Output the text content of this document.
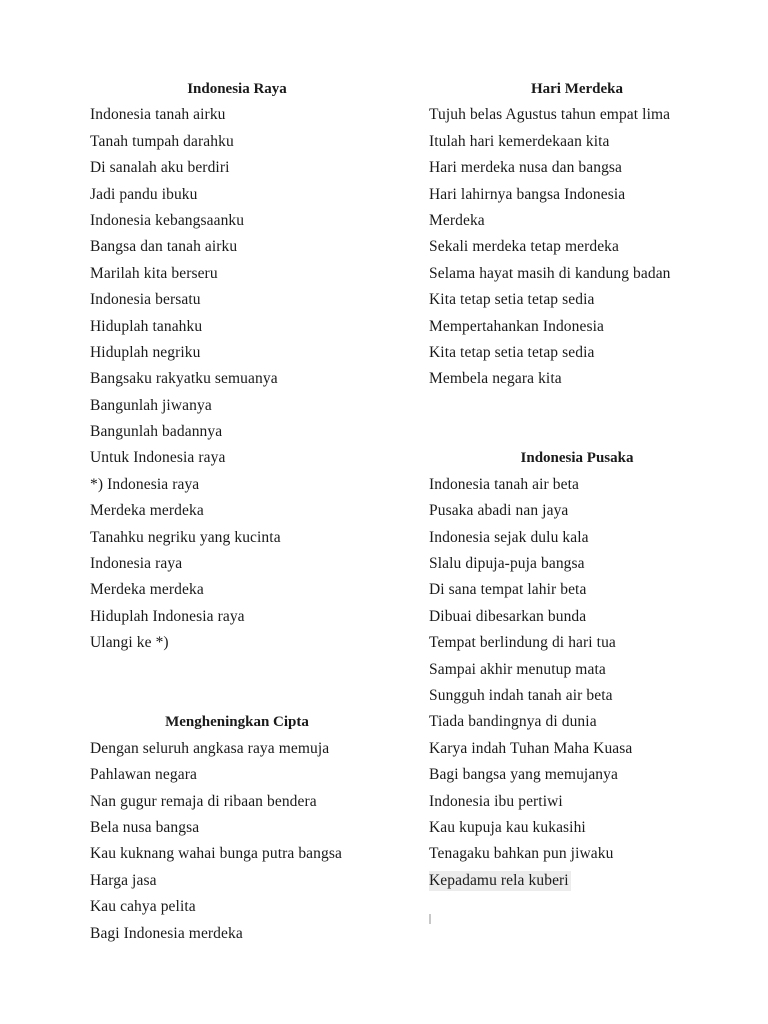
Indonesia Raya
Indonesia tanah airku
Tanah tumpah darahku
Di sanalah aku berdiri
Jadi pandu ibuku
Indonesia kebangsaanku
Bangsa dan tanah airku
Marilah kita berseru
Indonesia bersatu
Hiduplah tanahku
Hiduplah negriku
Bangsaku rakyatku semuanya
Bangunlah jiwanya
Bangunlah badannya
Untuk Indonesia raya
*) Indonesia raya
Merdeka merdeka
Tanahku negriku yang kucinta
Indonesia raya
Merdeka merdeka
Hiduplah Indonesia raya
Ulangi ke *)
Mengheningkan Cipta
Dengan seluruh angkasa raya memuja
Pahlawan negara
Nan gugur remaja di ribaan bendera
Bela nusa bangsa
Kau kuknang wahai bunga putra bangsa
Harga jasa
Kau cahya pelita
Bagi Indonesia merdeka
Hari Merdeka
Tujuh belas Agustus tahun empat lima
Itulah hari kemerdekaan kita
Hari merdeka nusa dan bangsa
Hari lahirnya bangsa Indonesia
Merdeka
Sekali merdeka tetap merdeka
Selama hayat masih di kandung badan
Kita tetap setia tetap sedia
Mempertahankan Indonesia
Kita tetap setia tetap sedia
Membela negara kita
Indonesia Pusaka
Indonesia tanah air beta
Pusaka abadi nan jaya
Indonesia sejak dulu kala
Slalu dipuja-puja bangsa
Di sana tempat lahir beta
Dibuai dibesarkan bunda
Tempat berlindung di hari tua
Sampai akhir menutup mata
Sungguh indah tanah air beta
Tiada bandingnya di dunia
Karya indah Tuhan Maha Kuasa
Bagi bangsa yang memujanya
Indonesia ibu pertiwi
Kau kupuja kau kukasihi
Tenagaku bahkan pun jiwaku
Kepadamu rela kuberi
